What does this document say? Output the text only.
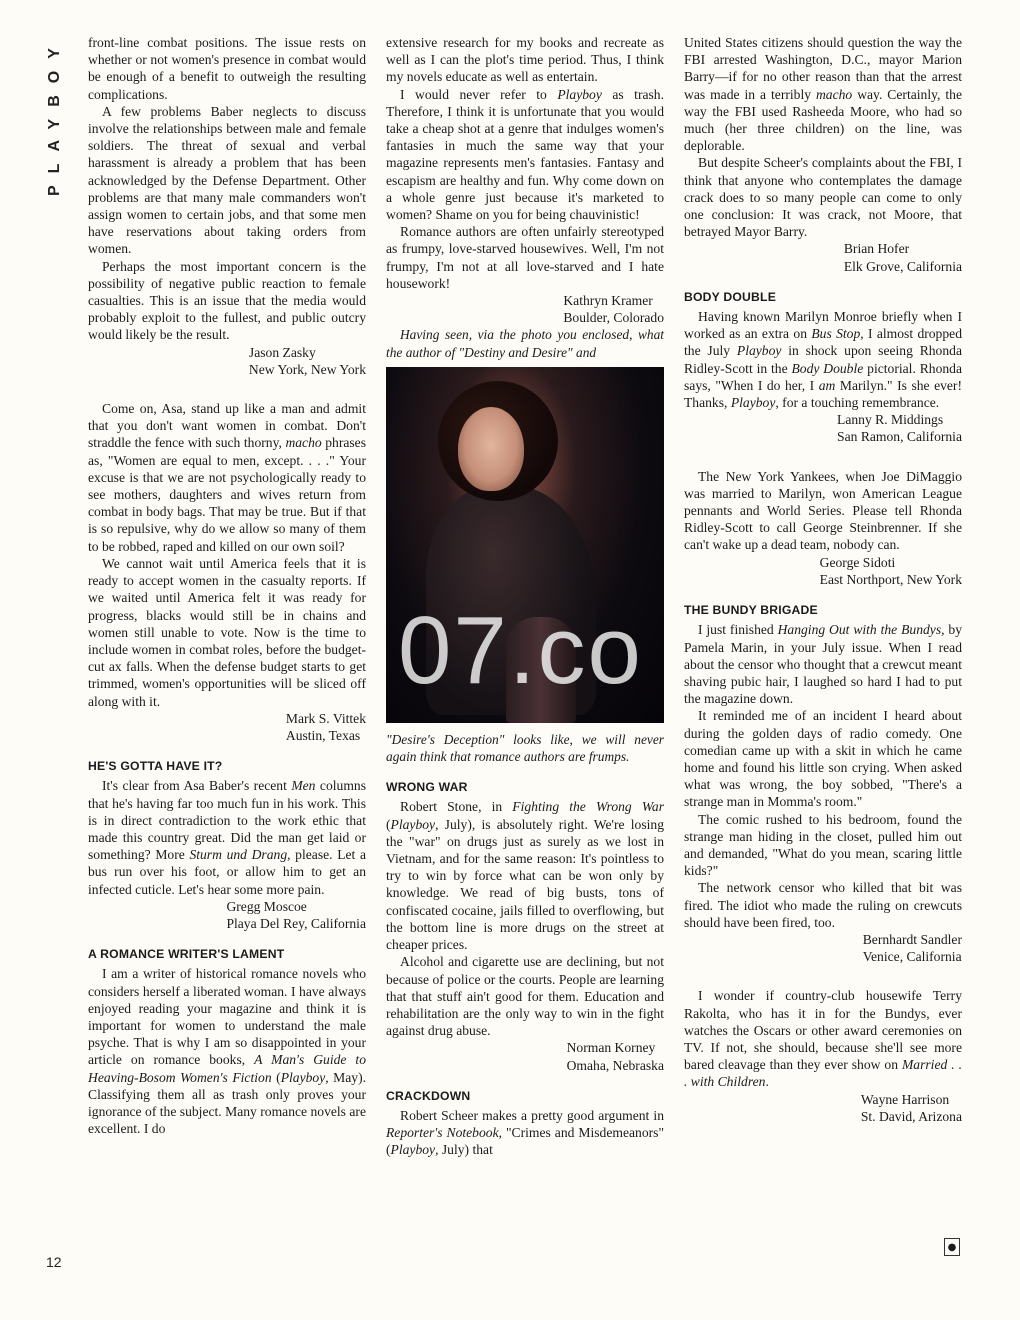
PLAYBOY
12

front-line combat positions. The issue rests on whether or not women's presence in combat would be enough of a benefit to outweigh the resulting complications.

A few problems Baber neglects to discuss involve the relationships between male and female soldiers. The threat of sexual and verbal harassment is already a problem that has been acknowledged by the Defense Department. Other problems are that many male commanders won't assign women to certain jobs, and that some men have reservations about taking orders from women.

Perhaps the most important concern is the possibility of negative public reaction to female casualties. This is an issue that the media would probably exploit to the fullest, and public outcry would likely be the result.

Jason Zasky
New York, New York

Come on, Asa, stand up like a man and admit that you don't want women in combat. Don't straddle the fence with such thorny, macho phrases as, "Women are equal to men, except. . . ." Your excuse is that we are not psychologically ready to see mothers, daughters and wives return from combat in body bags. That may be true. But if that is so repulsive, why do we allow so many of them to be robbed, raped and killed on our own soil?

We cannot wait until America feels that it is ready to accept women in the casualty reports. If we waited until America felt it was ready for progress, blacks would still be in chains and women still unable to vote. Now is the time to include women in combat roles, before the budget-cut ax falls. When the defense budget starts to get trimmed, women's opportunities will be sliced off along with it.

Mark S. Vittek
Austin, Texas
HE'S GOTTA HAVE IT?

It's clear from Asa Baber's recent Men columns that he's having far too much fun in his work. This is in direct contradiction to the work ethic that made this country great. Did the man get laid or something? More Sturm und Drang, please. Let a bus run over his foot, or allow him to get an infected cuticle. Let's hear some more pain.

Gregg Moscoe
Playa Del Rey, California
A ROMANCE WRITER'S LAMENT

I am a writer of historical romance novels who considers herself a liberated woman. I have always enjoyed reading your magazine and think it is important for women to understand the male psyche. That is why I am so disappointed in your article on romance books, A Man's Guide to Heaving-Bosom Women's Fiction (Playboy, May). Classifying them all as trash only proves your ignorance of the subject. Many romance novels are excellent. I do

extensive research for my books and recreate as well as I can the plot's time period. Thus, I think my novels educate as well as entertain.

I would never refer to Playboy as trash. Therefore, I think it is unfortunate that you would take a cheap shot at a genre that indulges women's fantasies in much the same way that your magazine represents men's fantasies. Fantasy and escapism are healthy and fun. Why come down on a whole genre just because it's marketed to women? Shame on you for being chauvinistic!

Romance authors are often unfairly stereotyped as frumpy, love-starved housewives. Well, I'm not frumpy, I'm not at all love-starved and I hate housework!

Kathryn Kramer
Boulder, Colorado

Having seen, via the photo you enclosed, what the author of "Destiny and Desire" and

"Desire's Deception" looks like, we will never again think that romance authors are frumps.

WRONG WAR

Robert Stone, in Fighting the Wrong War (Playboy, July), is absolutely right. We're losing the "war" on drugs just as surely as we lost in Vietnam, and for the same reason: It's pointless to try to win by force what can be won only by knowledge. We read of big busts, tons of confiscated cocaine, jails filled to overflowing, but the bottom line is more drugs on the street at cheaper prices.

Alcohol and cigarette use are declining, but not because of police or the courts. People are learning that that stuff ain't good for them. Education and rehabilitation are the only way to win in the fight against drug abuse.

Norman Korney
Omaha, Nebraska
CRACKDOWN

Robert Scheer makes a pretty good argument in Reporter's Notebook, "Crimes and Misdemeanors" (Playboy, July) that

United States citizens should question the way the FBI arrested Washington, D.C., mayor Marion Barry—if for no other reason than that the arrest was made in a terribly macho way. Certainly, the way the FBI used Rasheeda Moore, who had so much (her three children) on the line, was deplorable.

But despite Scheer's complaints about the FBI, I think that anyone who contemplates the damage crack does to so many people can come to only one conclusion: It was crack, not Moore, that betrayed Mayor Barry.

Brian Hofer
Elk Grove, California
BODY DOUBLE

Having known Marilyn Monroe briefly when I worked as an extra on Bus Stop, I almost dropped the July Playboy in shock upon seeing Rhonda Ridley-Scott in the Body Double pictorial. Rhonda says, "When I do her, I am Marilyn." Is she ever! Thanks, Playboy, for a touching remembrance.

Lanny R. Middings
San Ramon, California

The New York Yankees, when Joe DiMaggio was married to Marilyn, won American League pennants and World Series. Please tell Rhonda Ridley-Scott to call George Steinbrenner. If she can't wake up a dead team, nobody can.

George Sidoti
East Northport, New York
THE BUNDY BRIGADE

I just finished Hanging Out with the Bundys, by Pamela Marin, in your July issue. When I read about the censor who thought that a crewcut meant shaving pubic hair, I laughed so hard I had to put the magazine down.

It reminded me of an incident I heard about during the golden days of radio comedy. One comedian came up with a skit in which he came home and found his little son crying. When asked what was wrong, the boy sobbed, "There's a strange man in Momma's room."

The comic rushed to his bedroom, found the strange man hiding in the closet, pulled him out and demanded, "What do you mean, scaring little kids?"

The network censor who killed that bit was fired. The idiot who made the ruling on crewcuts should have been fired, too.

Bernhardt Sandler
Venice, California

I wonder if country-club housewife Terry Rakolta, who has it in for the Bundys, ever watches the Oscars or other award ceremonies on TV. If not, she should, because she'll see more bared cleavage than they ever show on Married . . . with Children.

Wayne Harrison
St. David, Arizona
●
07.co
